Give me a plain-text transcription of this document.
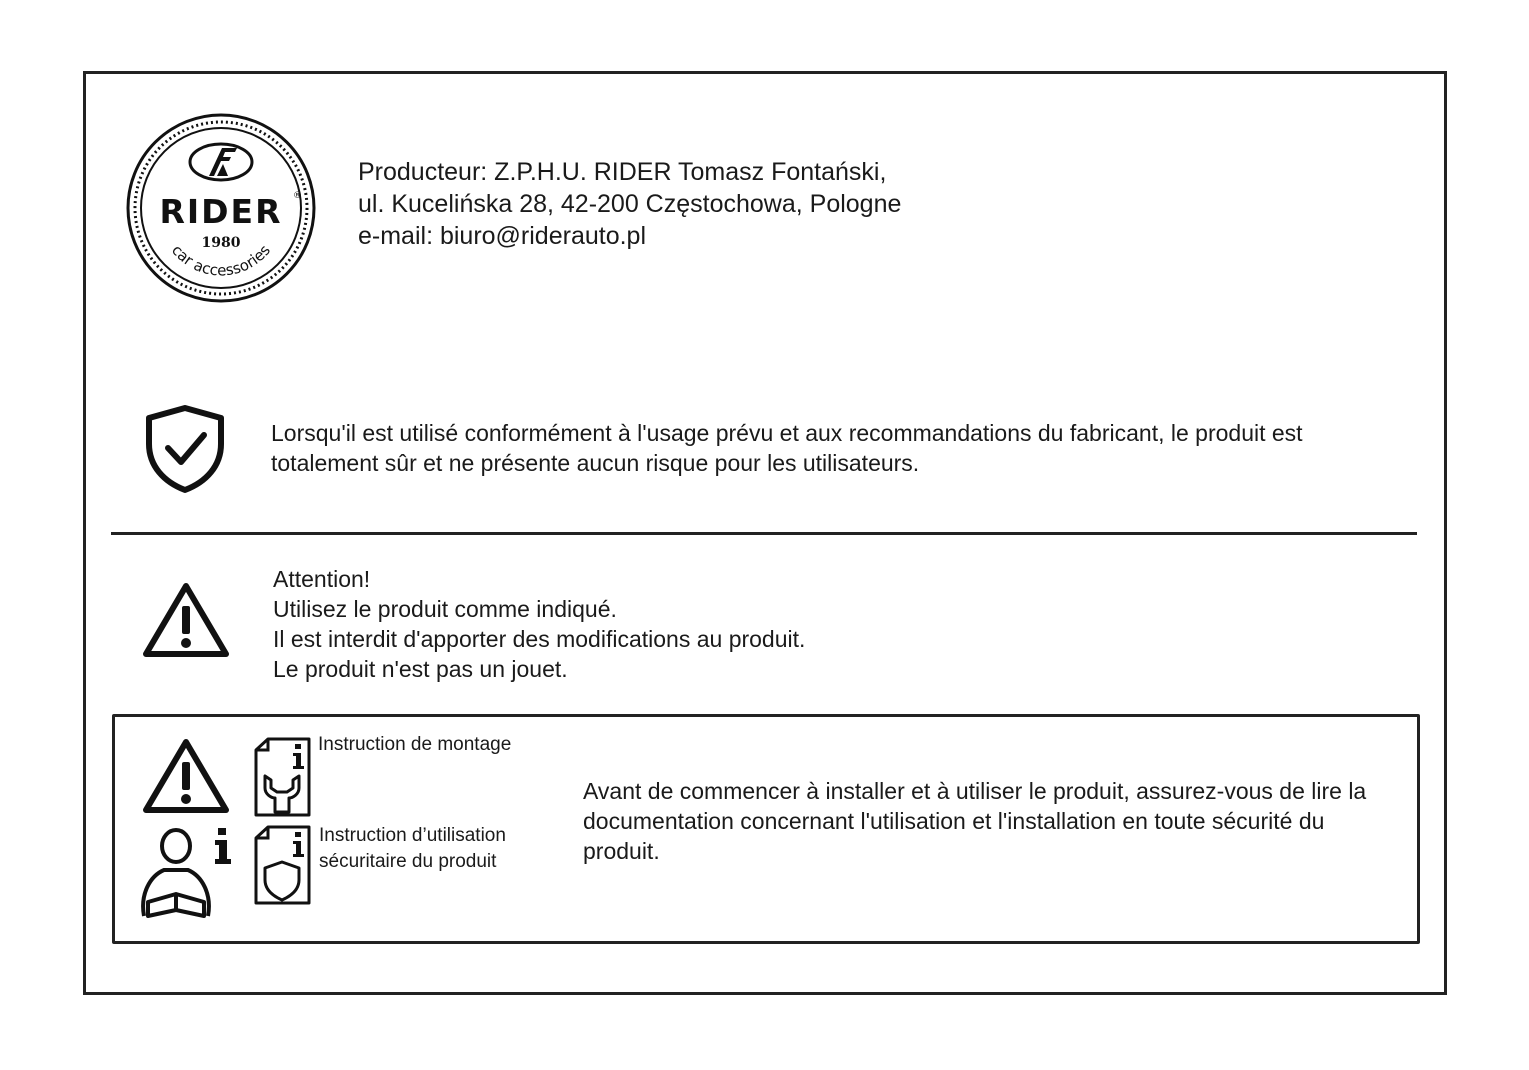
RIDER ®
1980
car accessories
Producteur: Z.P.H.U. RIDER Tomasz Fontański,
ul. Kucelińska 28, 42-200 Częstochowa, Pologne
e-mail: biuro@riderauto.pl
Lorsqu'il est utilisé conformément à l'usage prévu et aux recommandations du fabricant, le produit est totalement sûr et ne présente aucun risque pour les utilisateurs.
Attention!
Utilisez le produit comme indiqué.
Il est interdit d'apporter des modifications au produit.
Le produit n'est pas un jouet.
Instruction de montage
Instruction d’utilisation
sécuritaire du produit
Avant de commencer à installer et à utiliser le produit, assurez-vous de lire la documentation concernant l'utilisation et l'installation en toute sécurité du produit.
